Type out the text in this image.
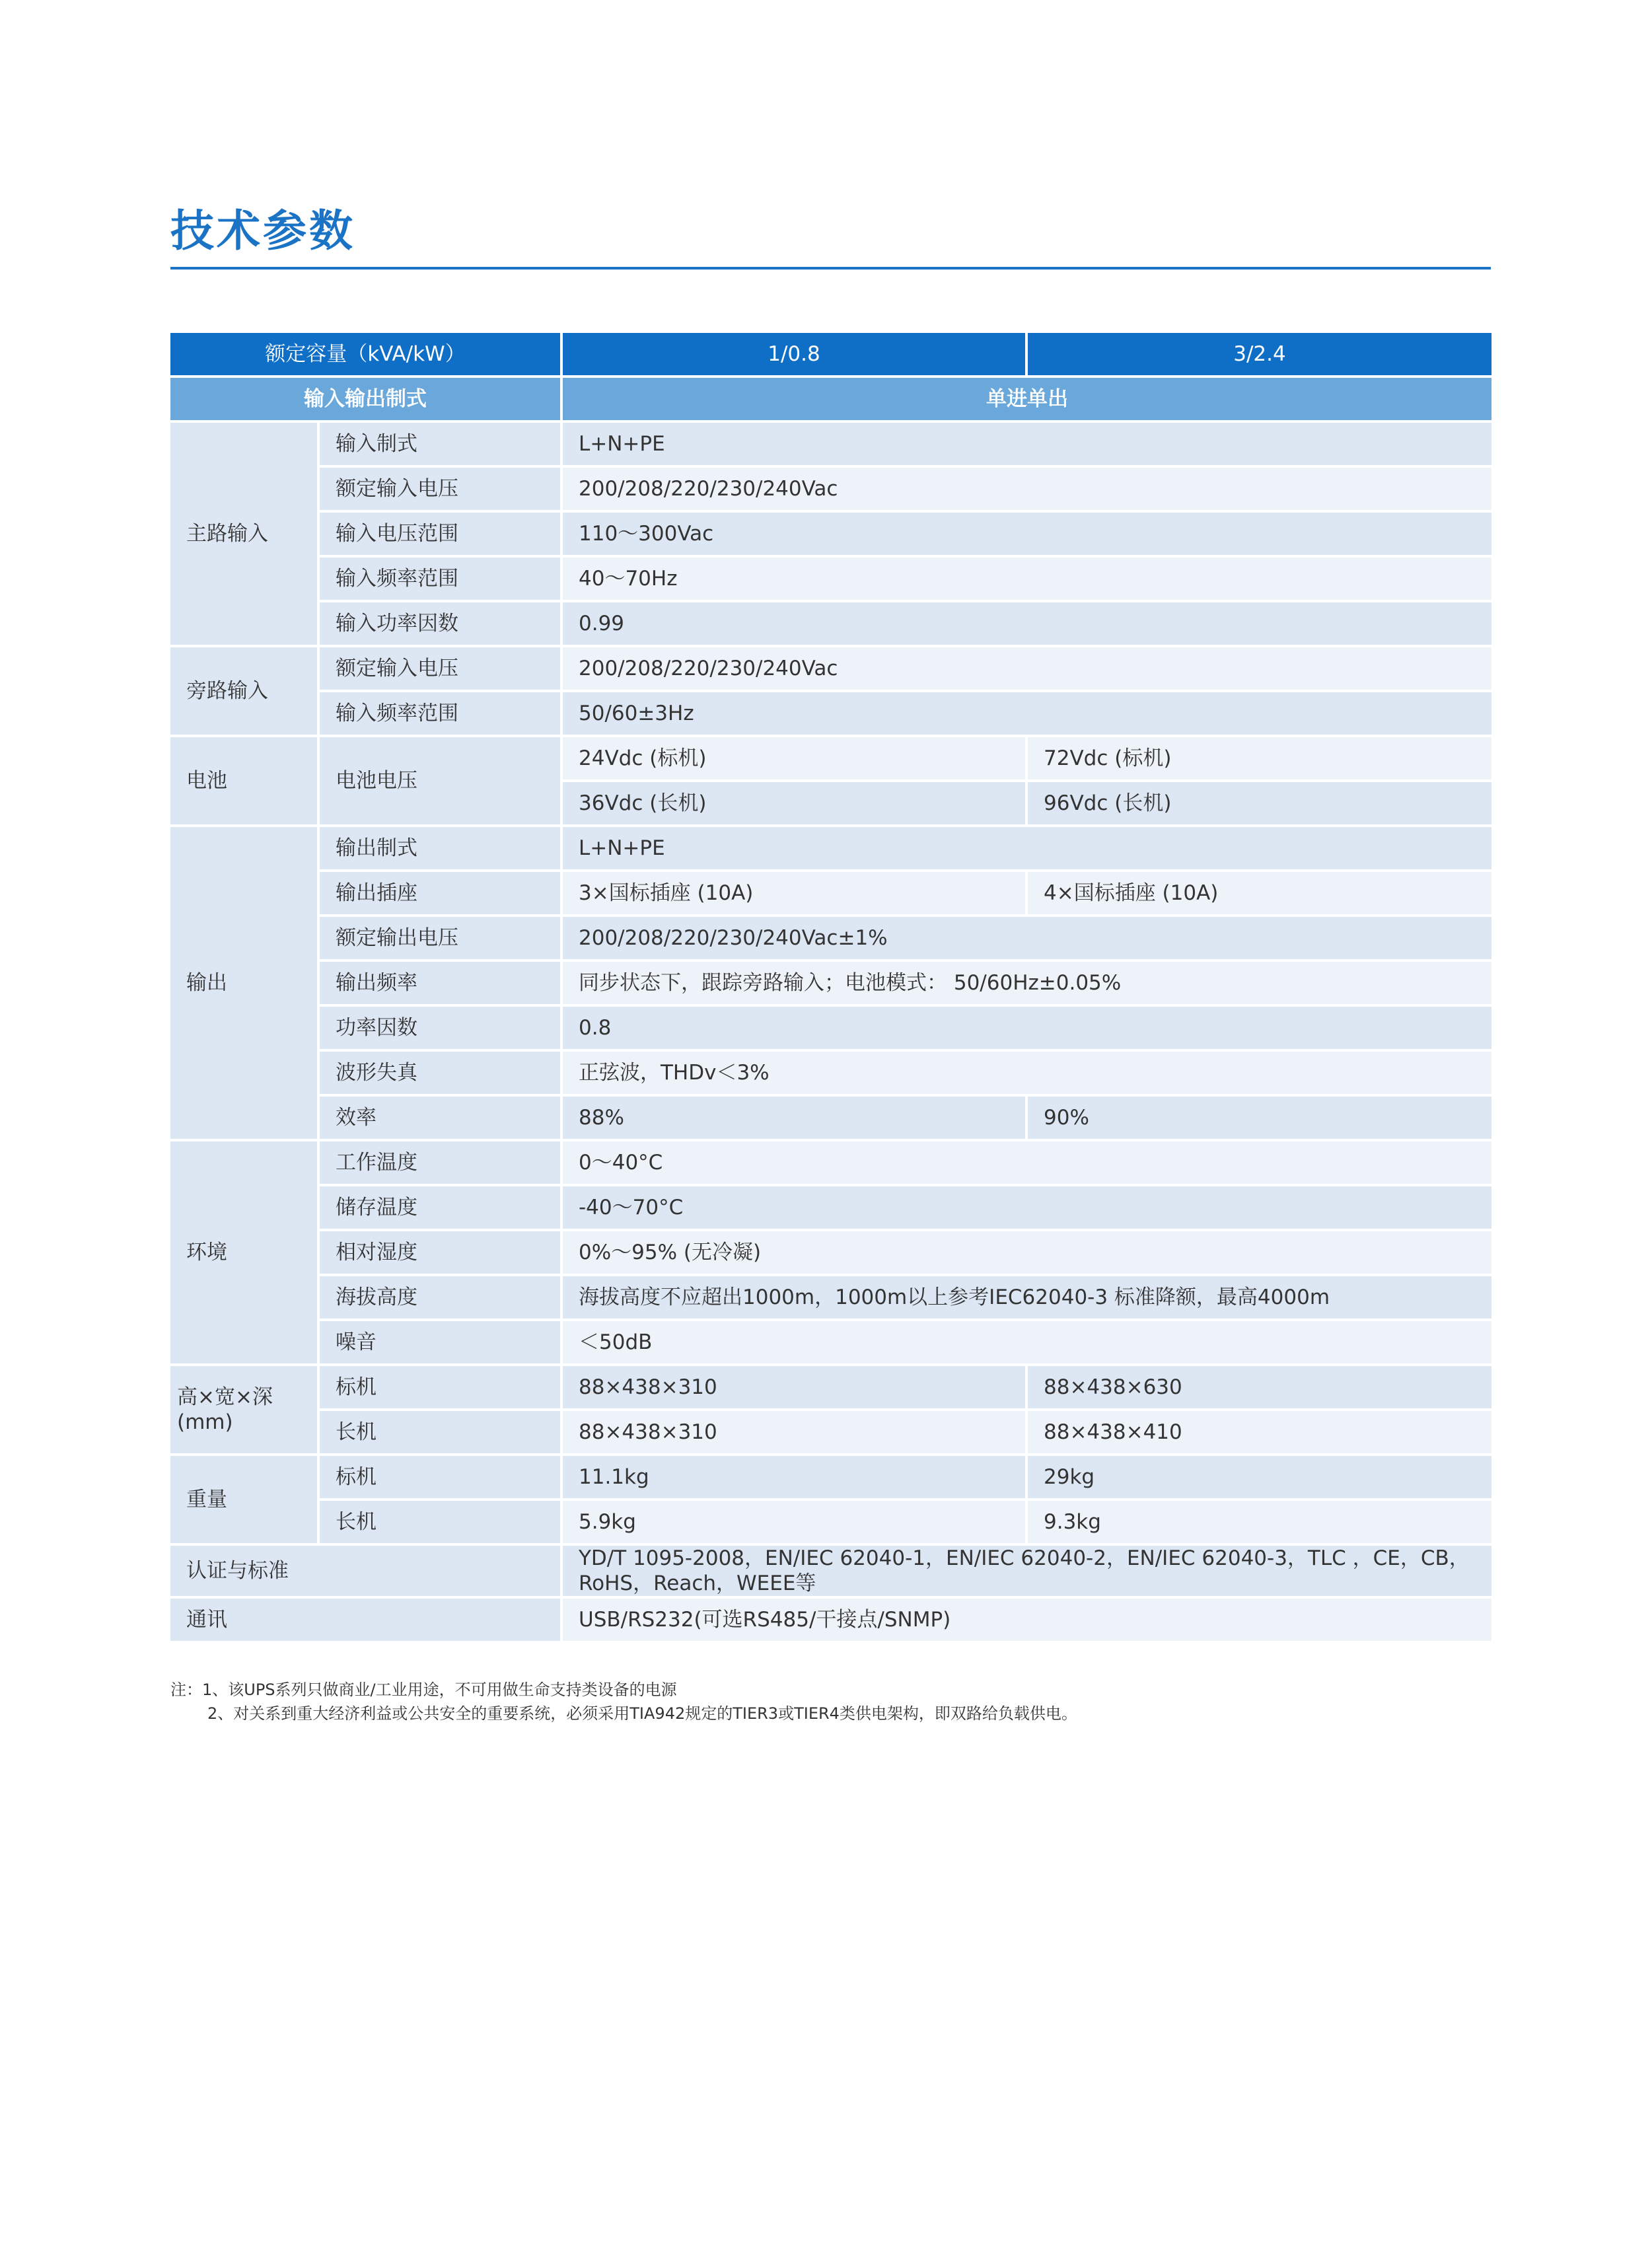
技术参数
额定容量（kVA/kW）		1/0.8	3/2.4
输入输出制式		单进单出	
主路输入	输入制式	L+N+PE	
	额定输入电压	200/208/220/230/240Vac	
	输入电压范围	110～300Vac	
	输入频率范围	40～70Hz	
	输入功率因数	0.99	
旁路输入	额定输入电压	200/208/220/230/240Vac	
	输入频率范围	50/60±3Hz	
电池	电池电压	24Vdc (标机)	72Vdc (标机)
		36Vdc (长机)	96Vdc (长机)
输出	输出制式	L+N+PE	
	输出插座	3×国标插座 (10A)	4×国标插座 (10A)
	额定输出电压	200/208/220/230/240Vac±1%	
	输出频率	同步状态下，跟踪旁路输入；电池模式： 50/60Hz±0.05%	
	功率因数	0.8	
	波形失真	正弦波，THDv＜3%	
	效率	88%	90%
环境	工作温度	0～40°C	
	储存温度	-40～70°C	
	相对湿度	0%～95% (无冷凝)	
	海拔高度	海拔高度不应超出1000m，1000m以上参考IEC62040-3 标准降额，最高4000m	
	噪音	＜50dB	
高×宽×深 (mm)	标机	88×438×310	88×438×630
	长机	88×438×310	88×438×410
重量	标机	11.1kg	29kg
	长机	5.9kg	9.3kg
认证与标准		YD/T 1095-2008，EN/IEC 62040-1，EN/IEC 62040-2，EN/IEC 62040-3，TLC ，CE，CB，RoHS，Reach，WEEE等	
通讯		USB/RS232(可选RS485/干接点/SNMP)	
注：1、该UPS系列只做商业/工业用途，不可用做生命支持类设备的电源
2、对关系到重大经济利益或公共安全的重要系统，必须采用TIA942规定的TIER3或TIER4类供电架构，即双路给负载供电。
